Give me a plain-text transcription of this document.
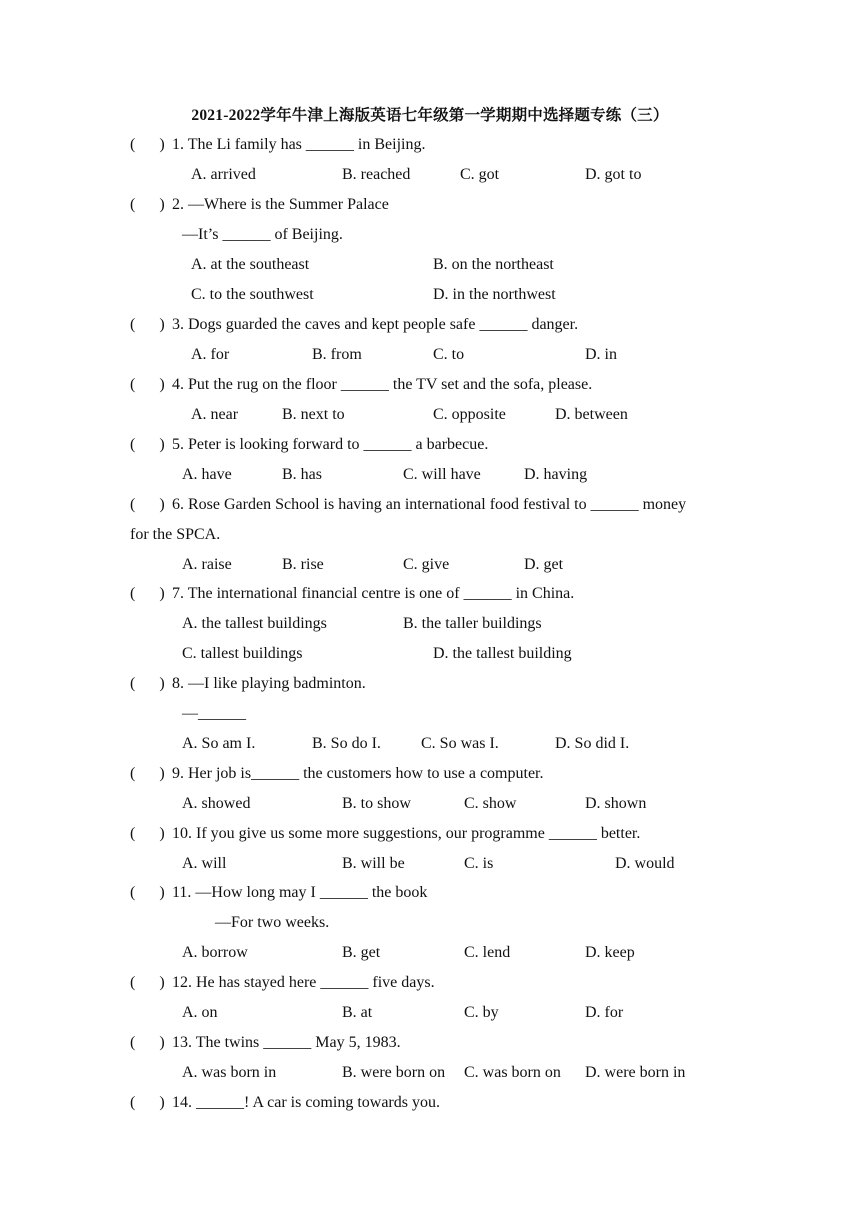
2021-2022学年牛津上海版英语七年级第一学期期中选择题专练（三）
(      ) 1. The Li family has ______ in Beijing.
A. arrived	B. reached	C. got	D. got to
(      ) 2. —Where is the Summer Palace
—It’s ______ of Beijing.
A. at the southeast	B. on the northeast
C. to the southwest	D. in the northwest
(      ) 3. Dogs guarded the caves and kept people safe ______ danger.
A. for	B. from	C. to	D. in
(      ) 4. Put the rug on the floor ______ the TV set and the sofa, please.
A. near	B. next to	C. opposite	D. between
(      ) 5. Peter is looking forward to ______ a barbecue.
A. have	B. has	C. will have	D. having
(      ) 6. Rose Garden School is having an international food festival to ______ money
for the SPCA.
A. raise	B. rise	C. give	D. get
(      ) 7. The international financial centre is one of ______ in China.
A. the tallest buildings	B. the taller buildings
C. tallest buildings	D. the tallest building
(      ) 8. —I like playing badminton.
—______
A. So am I.	B. So do I.	C. So was I.	D. So did I.
(      ) 9. Her job is______ the customers how to use a computer.
A. showed	B. to show	C. show	D. shown
(      ) 10. If you give us some more suggestions, our programme ______ better.
A. will	B. will be	C. is	D. would
(      ) 11. —How long may I ______ the book
—For two weeks.
A. borrow	B. get	C. lend	D. keep
(      ) 12. He has stayed here ______ five days.
A. on	B. at	C. by	D. for
(      ) 13. The twins ______ May 5, 1983.
A. was born in	B. were born on C. was born on D. were born in
(      ) 14. ______! A car is coming towards you.
